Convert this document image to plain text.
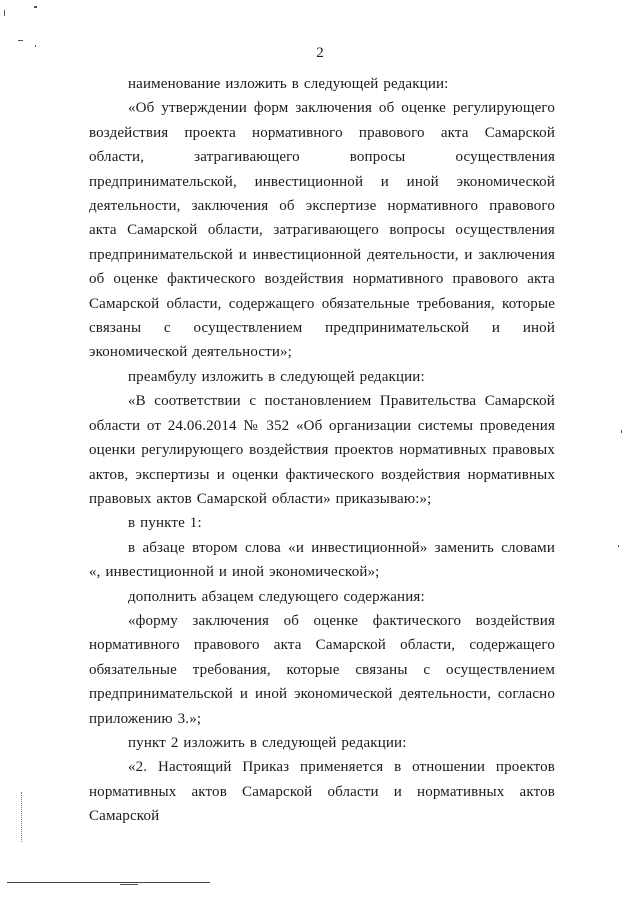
2

наименование изложить в следующей редакции:

«Об утверждении форм заключения об оценке регулирующего воздействия проекта нормативного правового акта Самарской области, затрагивающего вопросы осуществления предпринимательской, инвестиционной и иной экономической деятельности, заключения об экспертизе нормативного правового акта Самарской области, затрагивающего вопросы осуществления предпринимательской и инвестиционной деятельности, и заключения об оценке фактического воздействия нормативного правового акта Самарской области, содержащего обязательные требования, которые связаны с осуществлением предпринимательской и иной экономической деятельности»;

преамбулу изложить в следующей редакции:

«В соответствии с постановлением Правительства Самарской области от 24.06.2014 № 352 «Об организации системы проведения оценки регулирующего воздействия проектов нормативных правовых актов, экспертизы и оценки фактического воздействия нормативных правовых актов Самарской области» приказываю:»;

в пункте 1:

в абзаце втором слова «и инвестиционной» заменить словами «, инвестиционной и иной экономической»;

дополнить абзацем следующего содержания:

«форму заключения об оценке фактического воздействия нормативного правового акта Самарской области, содержащего обязательные требования, которые связаны с осуществлением предпринимательской и иной экономической деятельности, согласно приложению 3.»;

пункт 2 изложить в следующей редакции:

«2. Настоящий Приказ применяется в отношении проектов нормативных актов Самарской области и нормативных актов Самарской
